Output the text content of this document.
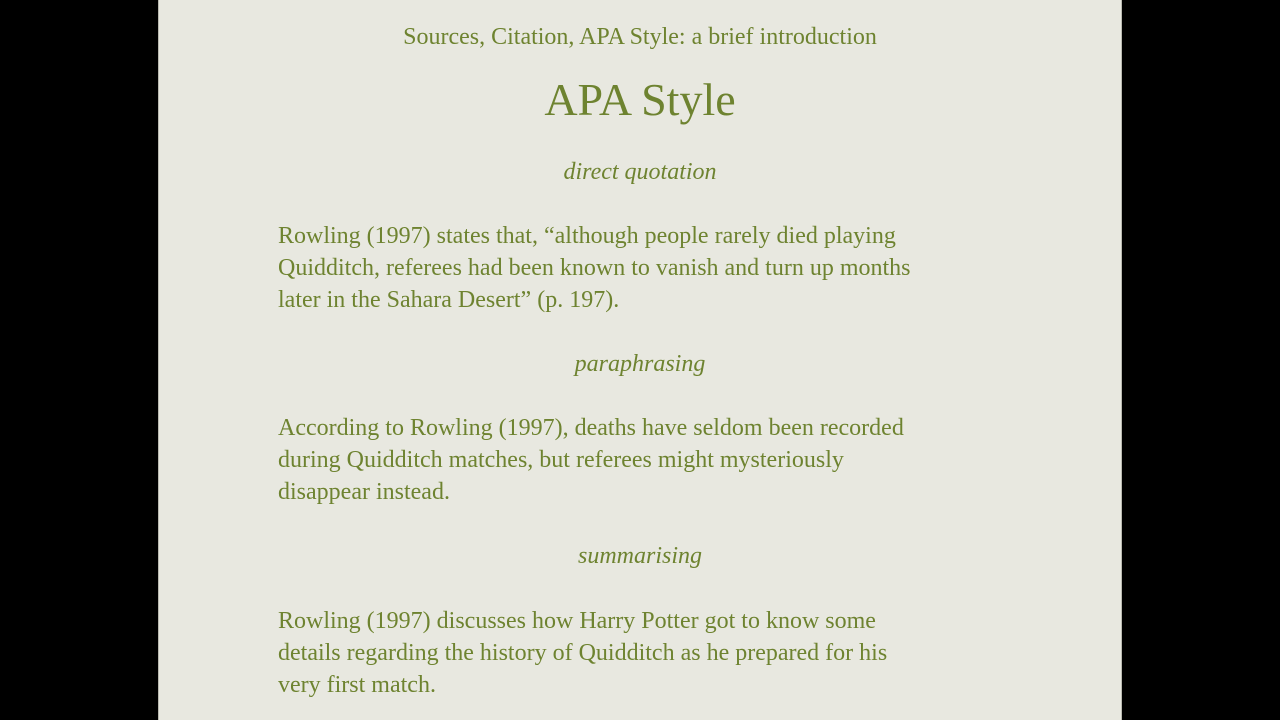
Sources, Citation, APA Style: a brief introduction
APA Style
direct quotation
Rowling (1997) states that, “although people rarely died playing
Quidditch, referees had been known to vanish and turn up months
later in the Sahara Desert” (p. 197).
paraphrasing
According to Rowling (1997), deaths have seldom been recorded
during Quidditch matches, but referees might mysteriously
disappear instead.
summarising
Rowling (1997) discusses how Harry Potter got to know some
details regarding the history of Quidditch as he prepared for his
very first match.
